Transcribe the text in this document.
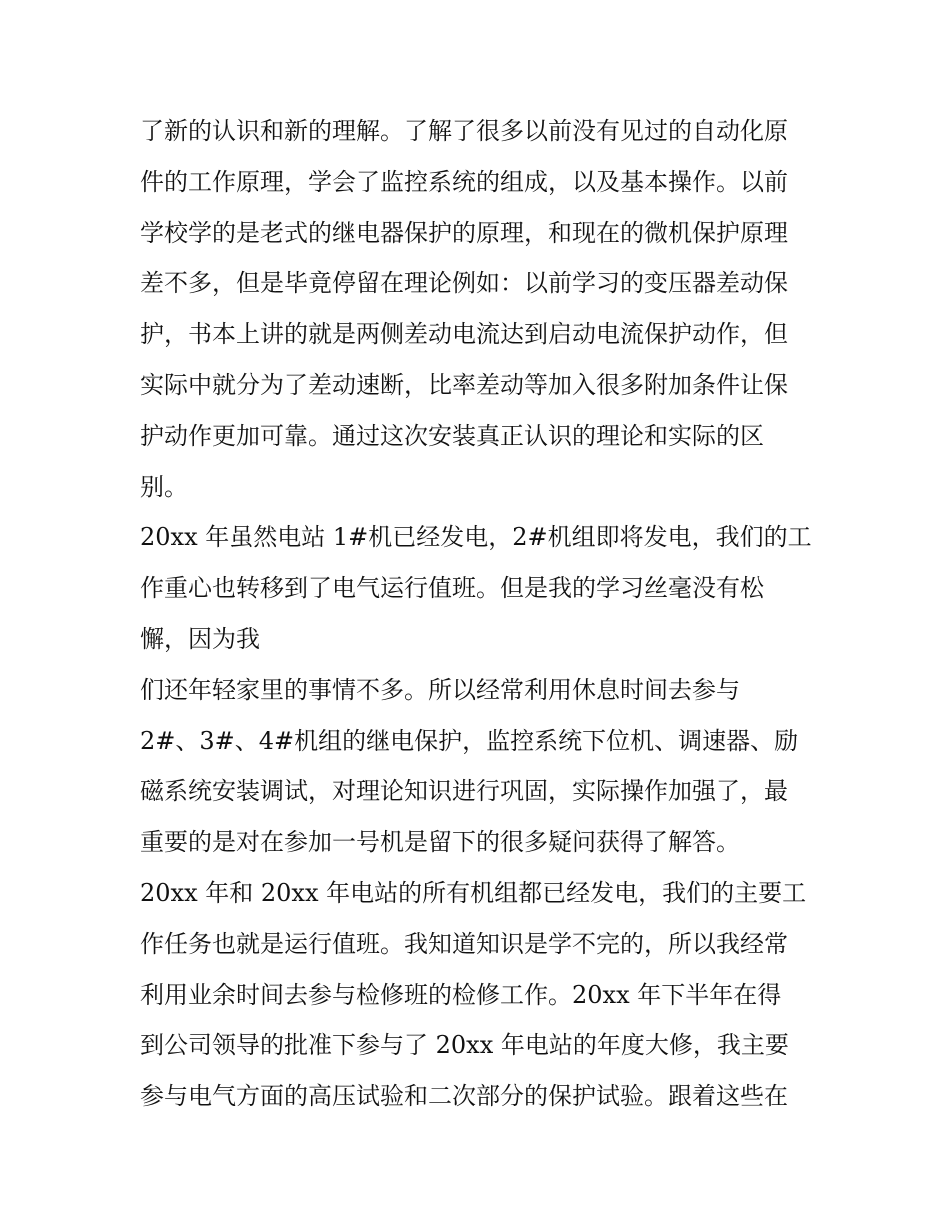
了新的认识和新的理解。了解了很多以前没有见过的自动化原
件的工作原理，学会了监控系统的组成，以及基本操作。以前
学校学的是老式的继电器保护的原理，和现在的微机保护原理
差不多，但是毕竟停留在理论例如：以前学习的变压器差动保
护，书本上讲的就是两侧差动电流达到启动电流保护动作，但
实际中就分为了差动速断，比率差动等加入很多附加条件让保
护动作更加可靠。通过这次安装真正认识的理论和实际的区
别。
20xx 年虽然电站 1#机已经发电，2#机组即将发电，我们的工
作重心也转移到了电气运行值班。但是我的学习丝毫没有松
懈，因为我
们还年轻家里的事情不多。所以经常利用休息时间去参与
2#、3#、4#机组的继电保护，监控系统下位机、调速器、励
磁系统安装调试，对理论知识进行巩固，实际操作加强了，最
重要的是对在参加一号机是留下的很多疑问获得了解答。
20xx 年和 20xx 年电站的所有机组都已经发电，我们的主要工
作任务也就是运行值班。我知道知识是学不完的，所以我经常
利用业余时间去参与检修班的检修工作。20xx 年下半年在得
到公司领导的批准下参与了 20xx 年电站的年度大修，我主要
参与电气方面的高压试验和二次部分的保护试验。跟着这些在
